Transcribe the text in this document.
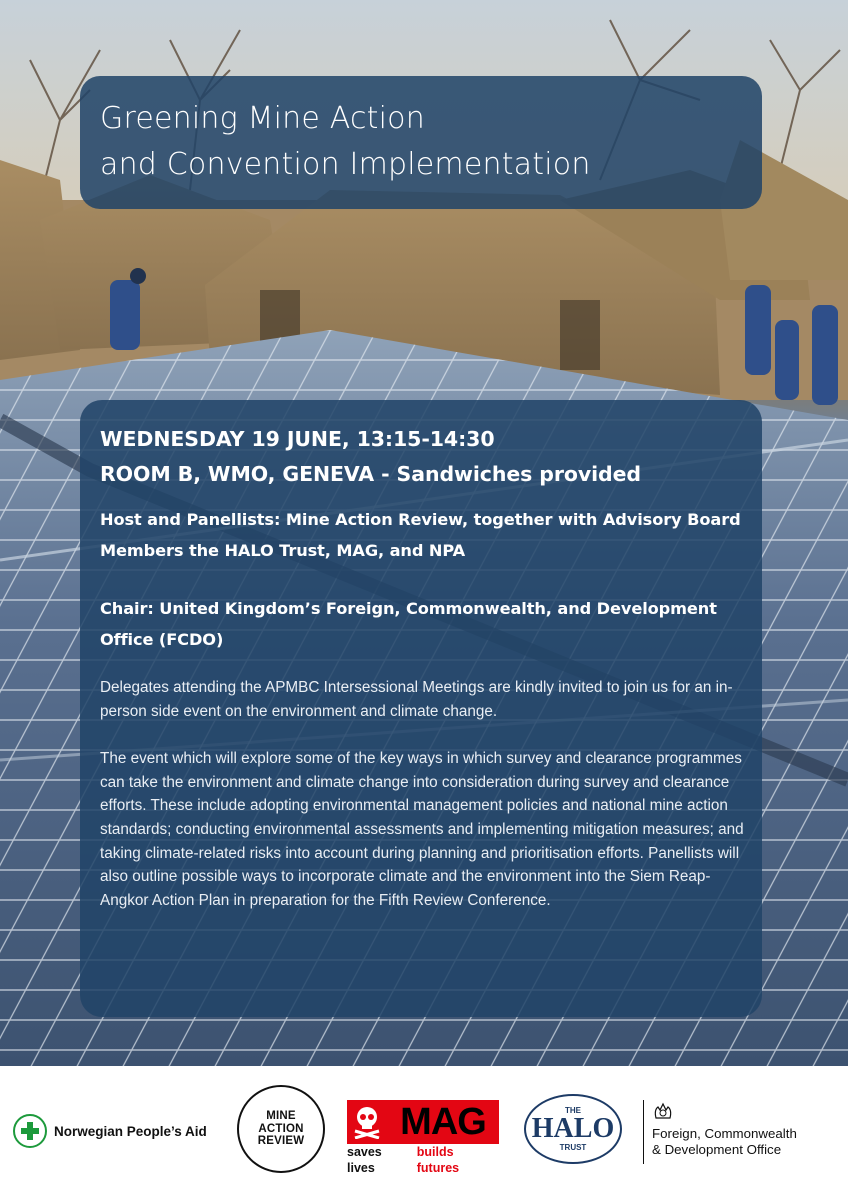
Greening Mine Action
and Convention Implementation
WEDNESDAY 19 JUNE, 13:15-14:30
ROOM B, WMO, GENEVA - Sandwiches provided

Host and Panellists: Mine Action Review, together with Advisory Board Members the HALO Trust, MAG, and NPA

Chair: United Kingdom’s Foreign, Commonwealth, and Development Office (FCDO)

Delegates attending the APMBC Intersessional Meetings are kindly invited to join us for an in-person side event on the environment and climate change.

The event which will explore some of the key ways in which survey and clearance programmes can take the environment and climate change into consideration during survey and clearance efforts. These include adopting environmental management policies and national mine action standards; conducting environmental assessments and implementing mitigation measures; and taking climate-related risks into account during planning and prioritisation efforts. Panellists will also outline possible ways to incorporate climate and the environment into the Siem Reap-Angkor Action Plan in preparation for the Fifth Review Conference.

Norwegian People’s Aid
MINE
ACTION
REVIEW	MAG
saves lives
builds futures
THE
HALO
TRUST
Foreign, Commonwealth
& Development Office
